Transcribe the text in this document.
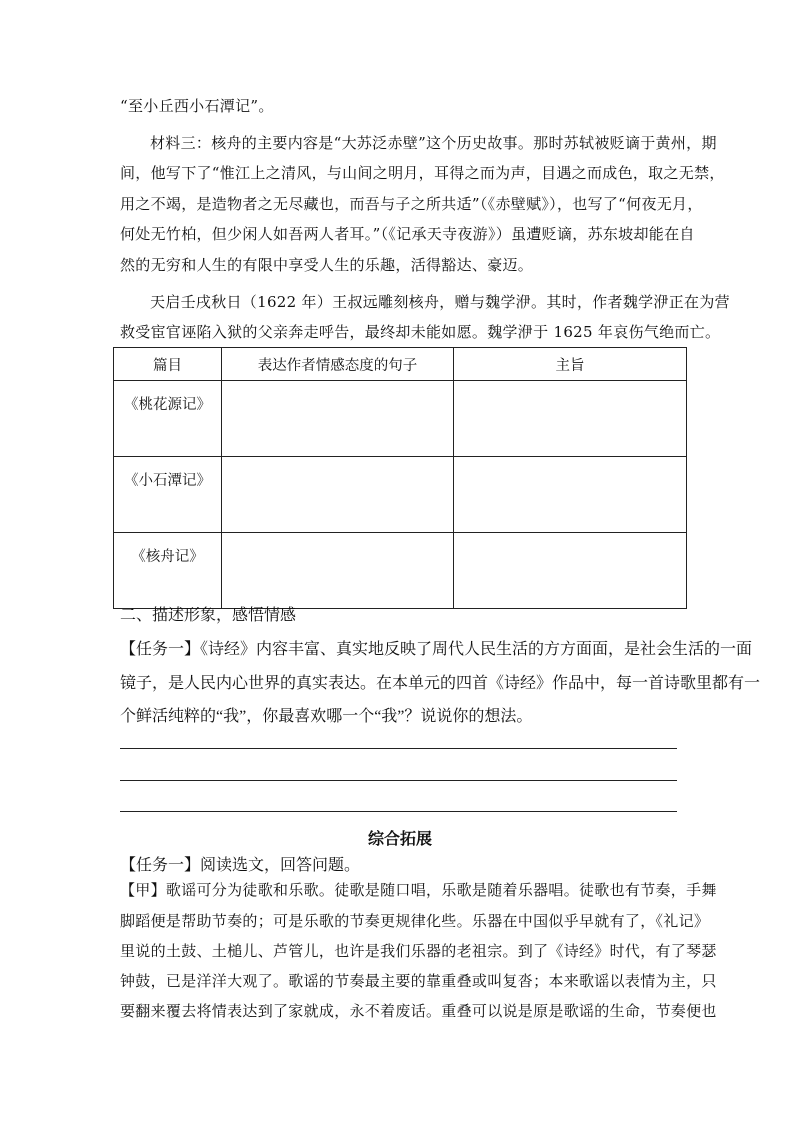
“至小丘西小石潭记”。
材料三：核舟的主要内容是“大苏泛赤壁”这个历史故事。那时苏轼被贬谪于黄州，期
间，他写下了“惟江上之清风，与山间之明月，耳得之而为声，目遇之而成色，取之无禁，
用之不竭，是造物者之无尽藏也，而吾与子之所共适”（《赤壁赋》），也写了“何夜无月，
何处无竹柏，但少闲人如吾两人者耳。”（《记承天寺夜游》）虽遭贬谪，苏东坡却能在自
然的无穷和人生的有限中享受人生的乐趣，活得豁达、豪迈。
天启壬戌秋日（1622 年）王叔远雕刻核舟，赠与魏学洢。其时，作者魏学洢正在为营
救受宦官诬陷入狱的父亲奔走呼告，最终却未能如愿。魏学洢于 1625 年哀伤气绝而亡。
篇目	表达作者情感态度的句子	主旨
《桃花源记》		
《小石潭记》		
《核舟记》		
二、描述形象，感悟情感
【任务一】《诗经》内容丰富、真实地反映了周代人民生活的方方面面，是社会生活的一面
镜子，是人民内心世界的真实表达。在本单元的四首《诗经》作品中，每一首诗歌里都有一
个鲜活纯粹的“我”，你最喜欢哪一个“我”？说说你的想法。
综合拓展
【任务一】阅读选文，回答问题。
【甲】歌谣可分为徒歌和乐歌。徒歌是随口唱，乐歌是随着乐器唱。徒歌也有节奏，手舞
脚蹈便是帮助节奏的；可是乐歌的节奏更规律化些。乐器在中国似乎早就有了，《礼记》
里说的土鼓、土槌儿、芦管儿，也许是我们乐器的老祖宗。到了《诗经》时代，有了琴瑟
钟鼓，已是洋洋大观了。歌谣的节奏最主要的靠重叠或叫复沓；本来歌谣以表情为主，只
要翻来覆去将情表达到了家就成，永不着废话。重叠可以说是原是歌谣的生命，节奏便也
